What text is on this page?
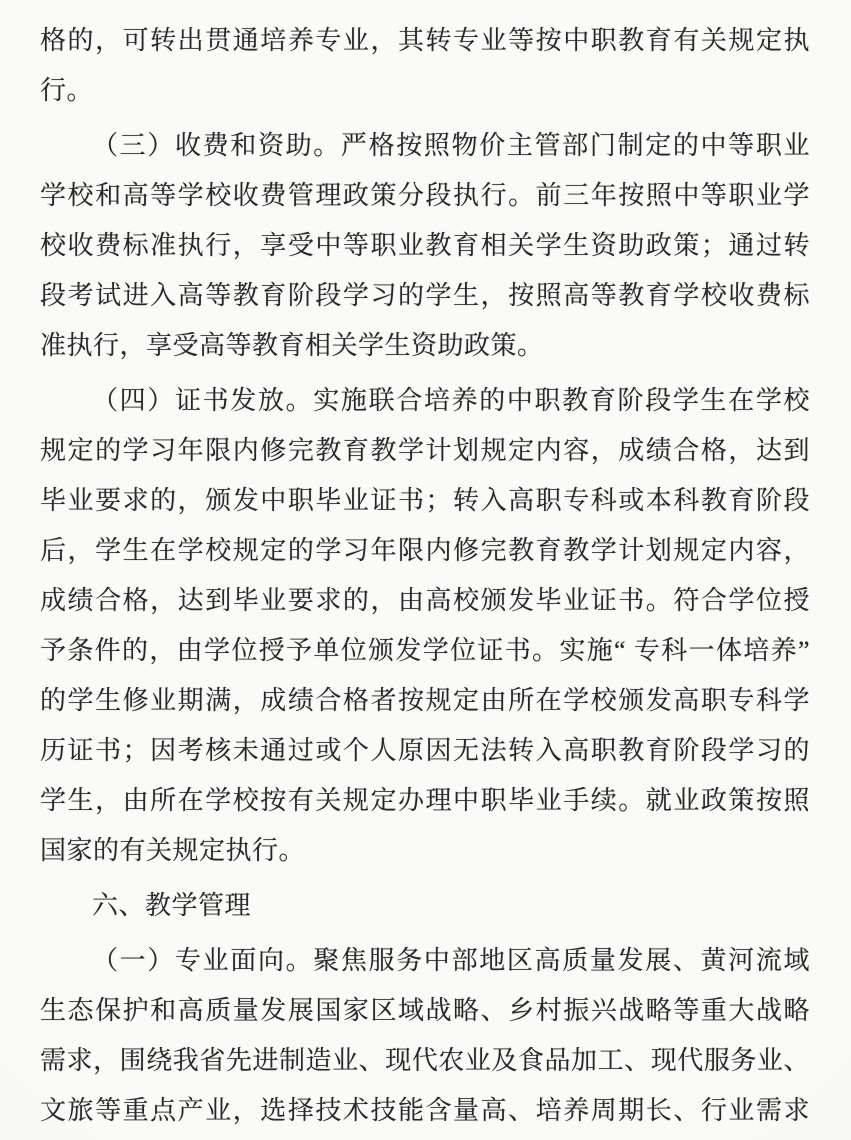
格的，可转出贯通培养专业，其转专业等按中职教育有关规定执
行。
（三）收费和资助。严格按照物价主管部门制定的中等职业
学校和高等学校收费管理政策分段执行。前三年按照中等职业学
校收费标准执行，享受中等职业教育相关学生资助政策；通过转
段考试进入高等教育阶段学习的学生，按照高等教育学校收费标
准执行，享受高等教育相关学生资助政策。
（四）证书发放。实施联合培养的中职教育阶段学生在学校
规定的学习年限内修完教育教学计划规定内容，成绩合格，达到
毕业要求的，颁发中职毕业证书；转入高职专科或本科教育阶段
后，学生在学校规定的学习年限内修完教育教学计划规定内容，
成绩合格，达到毕业要求的，由高校颁发毕业证书。符合学位授
予条件的，由学位授予单位颁发学位证书。实施“ 专科一体培养”
的学生修业期满，成绩合格者按规定由所在学校颁发高职专科学
历证书；因考核未通过或个人原因无法转入高职教育阶段学习的
学生，由所在学校按有关规定办理中职毕业手续。就业政策按照
国家的有关规定执行。
六、教学管理
（一）专业面向。聚焦服务中部地区高质量发展、黄河流域
生态保护和高质量发展国家区域战略、乡村振兴战略等重大战略
需求，围绕我省先进制造业、现代农业及食品加工、现代服务业、
文旅等重点产业，选择技术技能含量高、培养周期长、行业需求
